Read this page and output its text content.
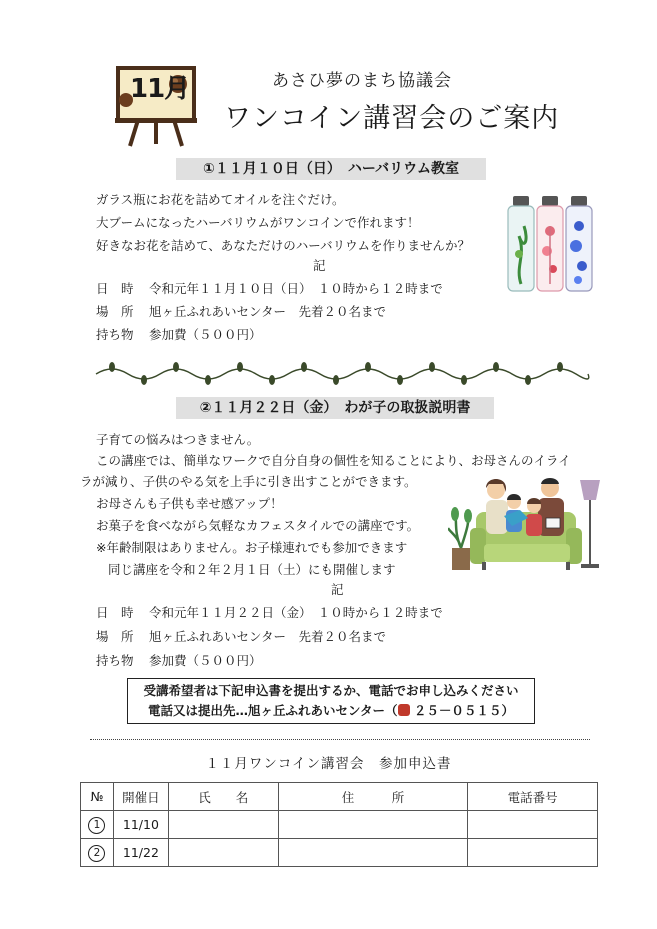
11月	あさひ夢のまち協議会
ワンコイン講習会のご案内
①１１月１０日（日）　ハーバリウム教室
ガラス瓶にお花を詰めてオイルを注ぐだけ。
大ブームになったハーバリウムがワンコインで作れます！
好きなお花を詰めて、あなただけのハーバリウムを作りませんか？
記
日　時 令和元年１１月１０日（日）　１０時から１２時まで
場　所 旭ヶ丘ふれあいセンター　先着２０名まで
持ち物 参加費（５００円）
②１１月２２日（金）　わが子の取扱説明書
子育ての悩みはつきません。
この講座では、簡単なワークで自分自身の個性を知ることにより、お母さんのイライ
ラが減り、子供のやる気を上手に引き出すことができます。
お母さんも子供も幸せ感アップ！
お菓子を食べながら気軽なカフェスタイルでの講座です。
※年齢制限はありません。お子様連れでも参加できます
同じ講座を令和２年２月１日（土）にも開催します
記
日　時 令和元年１１月２２日（金）　１０時から１２時まで
場　所 旭ヶ丘ふれあいセンター　先着２０名まで
持ち物 参加費（５００円）
受講希望者は下記申込書を提出するか、電話でお申し込みください
電話又は提出先…旭ヶ丘ふれあいセンター（ ２５－０５１５）
１１月ワンコイン講習会　参加申込書
№	開催日	氏　　名	住　　　所	電話番号
1	11/10			
2	11/22			
